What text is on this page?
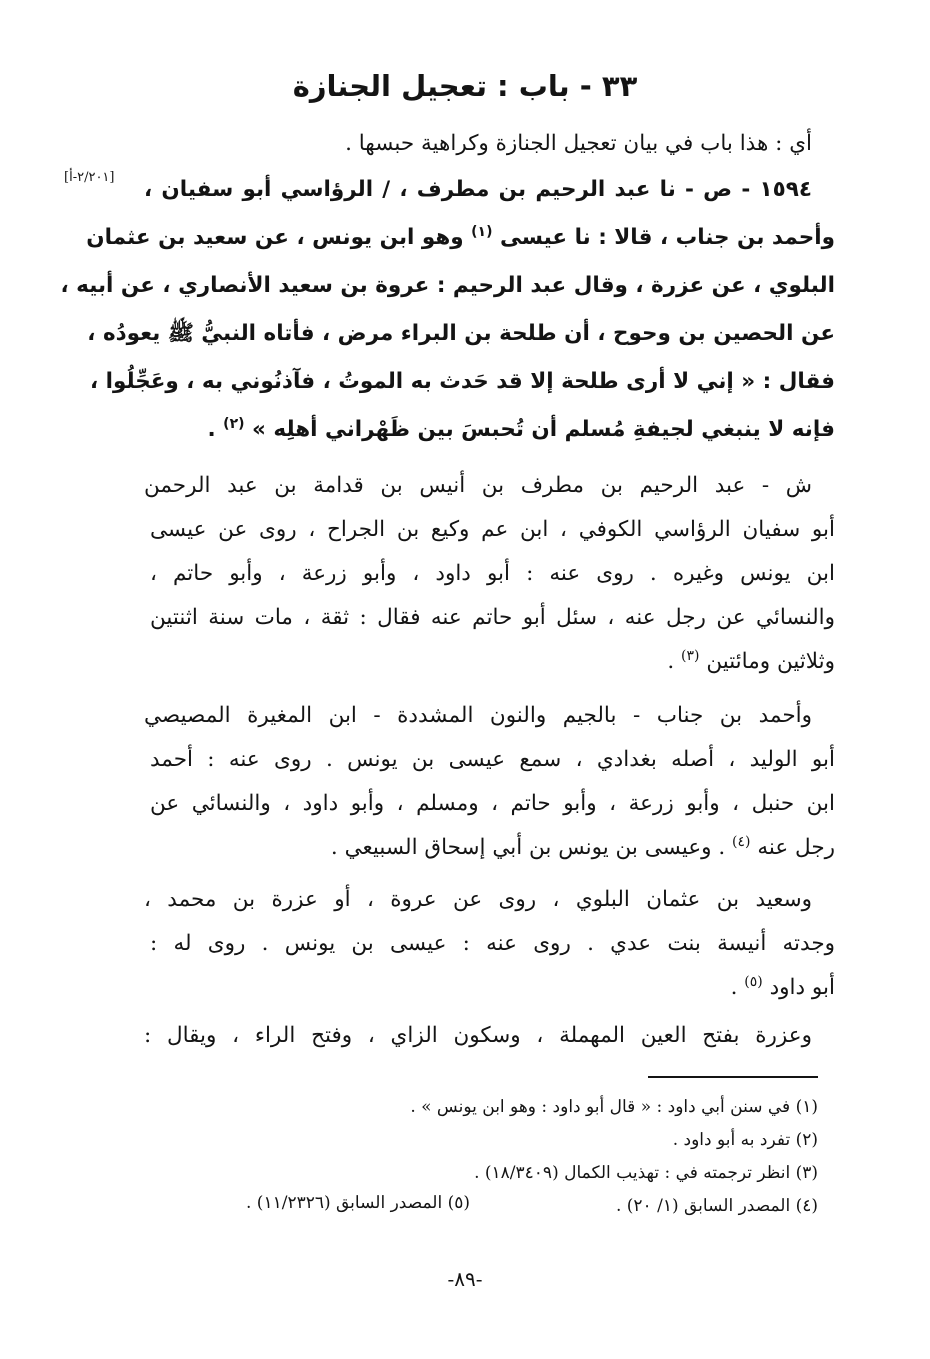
٣٣ - باب : تعجيل الجنازة
أي : هذا باب في بيان تعجيل الجنازة وكراهية حبسها .
[٢/٢٠١-أ] ١٥٩٤ - ص - نا عبد الرحيم بن مطرف ، / الرؤاسي أبو سفيان ،
وأحمد بن جناب ، قالا : نا عيسى $^{(١)}$ وهو ابن يونس ، عن سعيد بن عثمان
البلوي ، عن عزرة ، وقال عبد الرحيم : عروة بن سعيد الأنصاري ، عن أبيه ،
عن الحصين بن وحوح ، أن طلحة بن البراء مرض ، فأتاه النبيُّ ﷺ يعودُه ،
فقال : « إني لا أرى طلحة إلا قد حَدث به الموتُ ، فآذنُوني به ، وعَجِّلُوا ،
فإنه لا ينبغي لجيفةِ مُسلم أن تُحبسَ بين ظَهْراني أهلِه » $^{(٢)}$ .
ش - عبد الرحيم بن مطرف بن أنيس بن قدامة بن عبد الرحمن
أبو سفيان الرؤاسي الكوفي ، ابن عم وكيع بن الجراح ، روى عن عيسى
ابن يونس وغيره . روى عنه : أبو داود ، وأبو زرعة ، وأبو حاتم ،
والنسائي عن رجل عنه ، سئل أبو حاتم عنه فقال : ثقة ، مات سنة اثنتين
وثلاثين ومائتين $^{(٣)}$ .
وأحمد بن جناب - بالجيم والنون المشددة - ابن المغيرة المصيصي
أبو الوليد ، أصله بغدادي ، سمع عيسى بن يونس . روى عنه : أحمد
ابن حنبل ، وأبو زرعة ، وأبو حاتم ، ومسلم ، وأبو داود ، والنسائي عن
رجل عنه $^{(٤)}$ . وعيسى بن يونس بن أبي إسحاق السبيعي .
وسعيد بن عثمان البلوي ، روى عن عروة ، أو عزرة بن محمد ،
وجدته أنيسة بنت عدي . روى عنه : عيسى بن يونس . روى له :
أبو داود $^{(٥)}$ .
وعزرة بفتح العين المهملة ، وسكون الزاي ، وفتح الراء ، ويقال :
(١) في سنن أبي داود : « قال أبو داود : وهو ابن يونس » .
(٢) تفرد به أبو داود .
(٣) انظر ترجمته في : تهذيب الكمال (١٨/٣٤٠٩) .
(٤) المصدر السابق (١/ ٢٠) .
(٥) المصدر السابق (١١/٢٣٢٦) .
-٨٩-
